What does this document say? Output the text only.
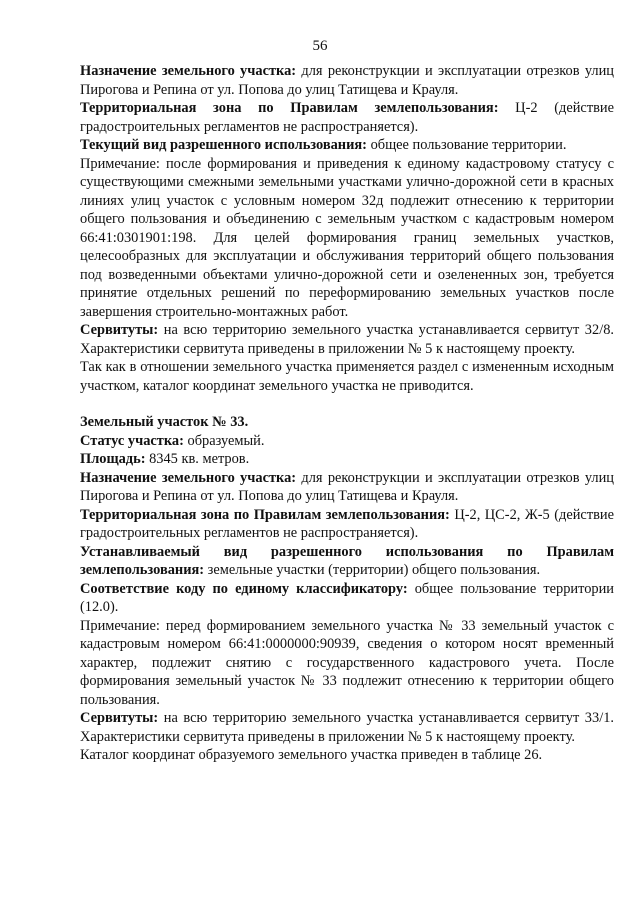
56

Назначение земельного участка: для реконструкции и эксплуатации отрезков улиц Пирогова и Репина от ул. Попова до улиц Татищева и Крауля.

Территориальная зона по Правилам землепользования: Ц-2 (действие градостроительных регламентов не распространяется).

Текущий вид разрешенного использования: общее пользование территории.

Примечание: после формирования и приведения к единому кадастровому статусу с существующими смежными земельными участками улично-дорожной сети в красных линиях улиц участок с условным номером 32д подлежит отнесению к территории общего пользования и объединению с земельным участком с кадастровым номером 66:41:0301901:198. Для целей формирования границ земельных участков, целесообразных для эксплуатации и обслуживания территорий общего пользования под возведенными объектами улично-дорожной сети и озелененных зон, требуется принятие отдельных решений по переформированию земельных участков после завершения строительно-монтажных работ.

Сервитуты: на всю территорию земельного участка устанавливается сервитут 32/8. Характеристики сервитута приведены в приложении № 5 к настоящему проекту.

Так как в отношении земельного участка применяется раздел с измененным исходным участком, каталог координат земельного участка не приводится.

Земельный участок № 33.

Статус участка: образуемый.

Площадь: 8345 кв. метров.

Назначение земельного участка: для реконструкции и эксплуатации отрезков улиц Пирогова и Репина от ул. Попова до улиц Татищева и Крауля.

Территориальная зона по Правилам землепользования: Ц-2, ЦС-2, Ж-5 (действие градостроительных регламентов не распространяется).

Устанавливаемый вид разрешенного использования по Правилам землепользования: земельные участки (территории) общего пользования.

Соответствие коду по единому классификатору: общее пользование территории (12.0).

Примечание: перед формированием земельного участка № 33 земельный участок с кадастровым номером 66:41:0000000:90939, сведения о котором носят временный характер, подлежит снятию с государственного кадастрового учета. После формирования земельный участок № 33 подлежит отнесению к территории общего пользования.

Сервитуты: на всю территорию земельного участка устанавливается сервитут 33/1. Характеристики сервитута приведены в приложении № 5 к настоящему проекту.

Каталог координат образуемого земельного участка приведен в таблице 26.
